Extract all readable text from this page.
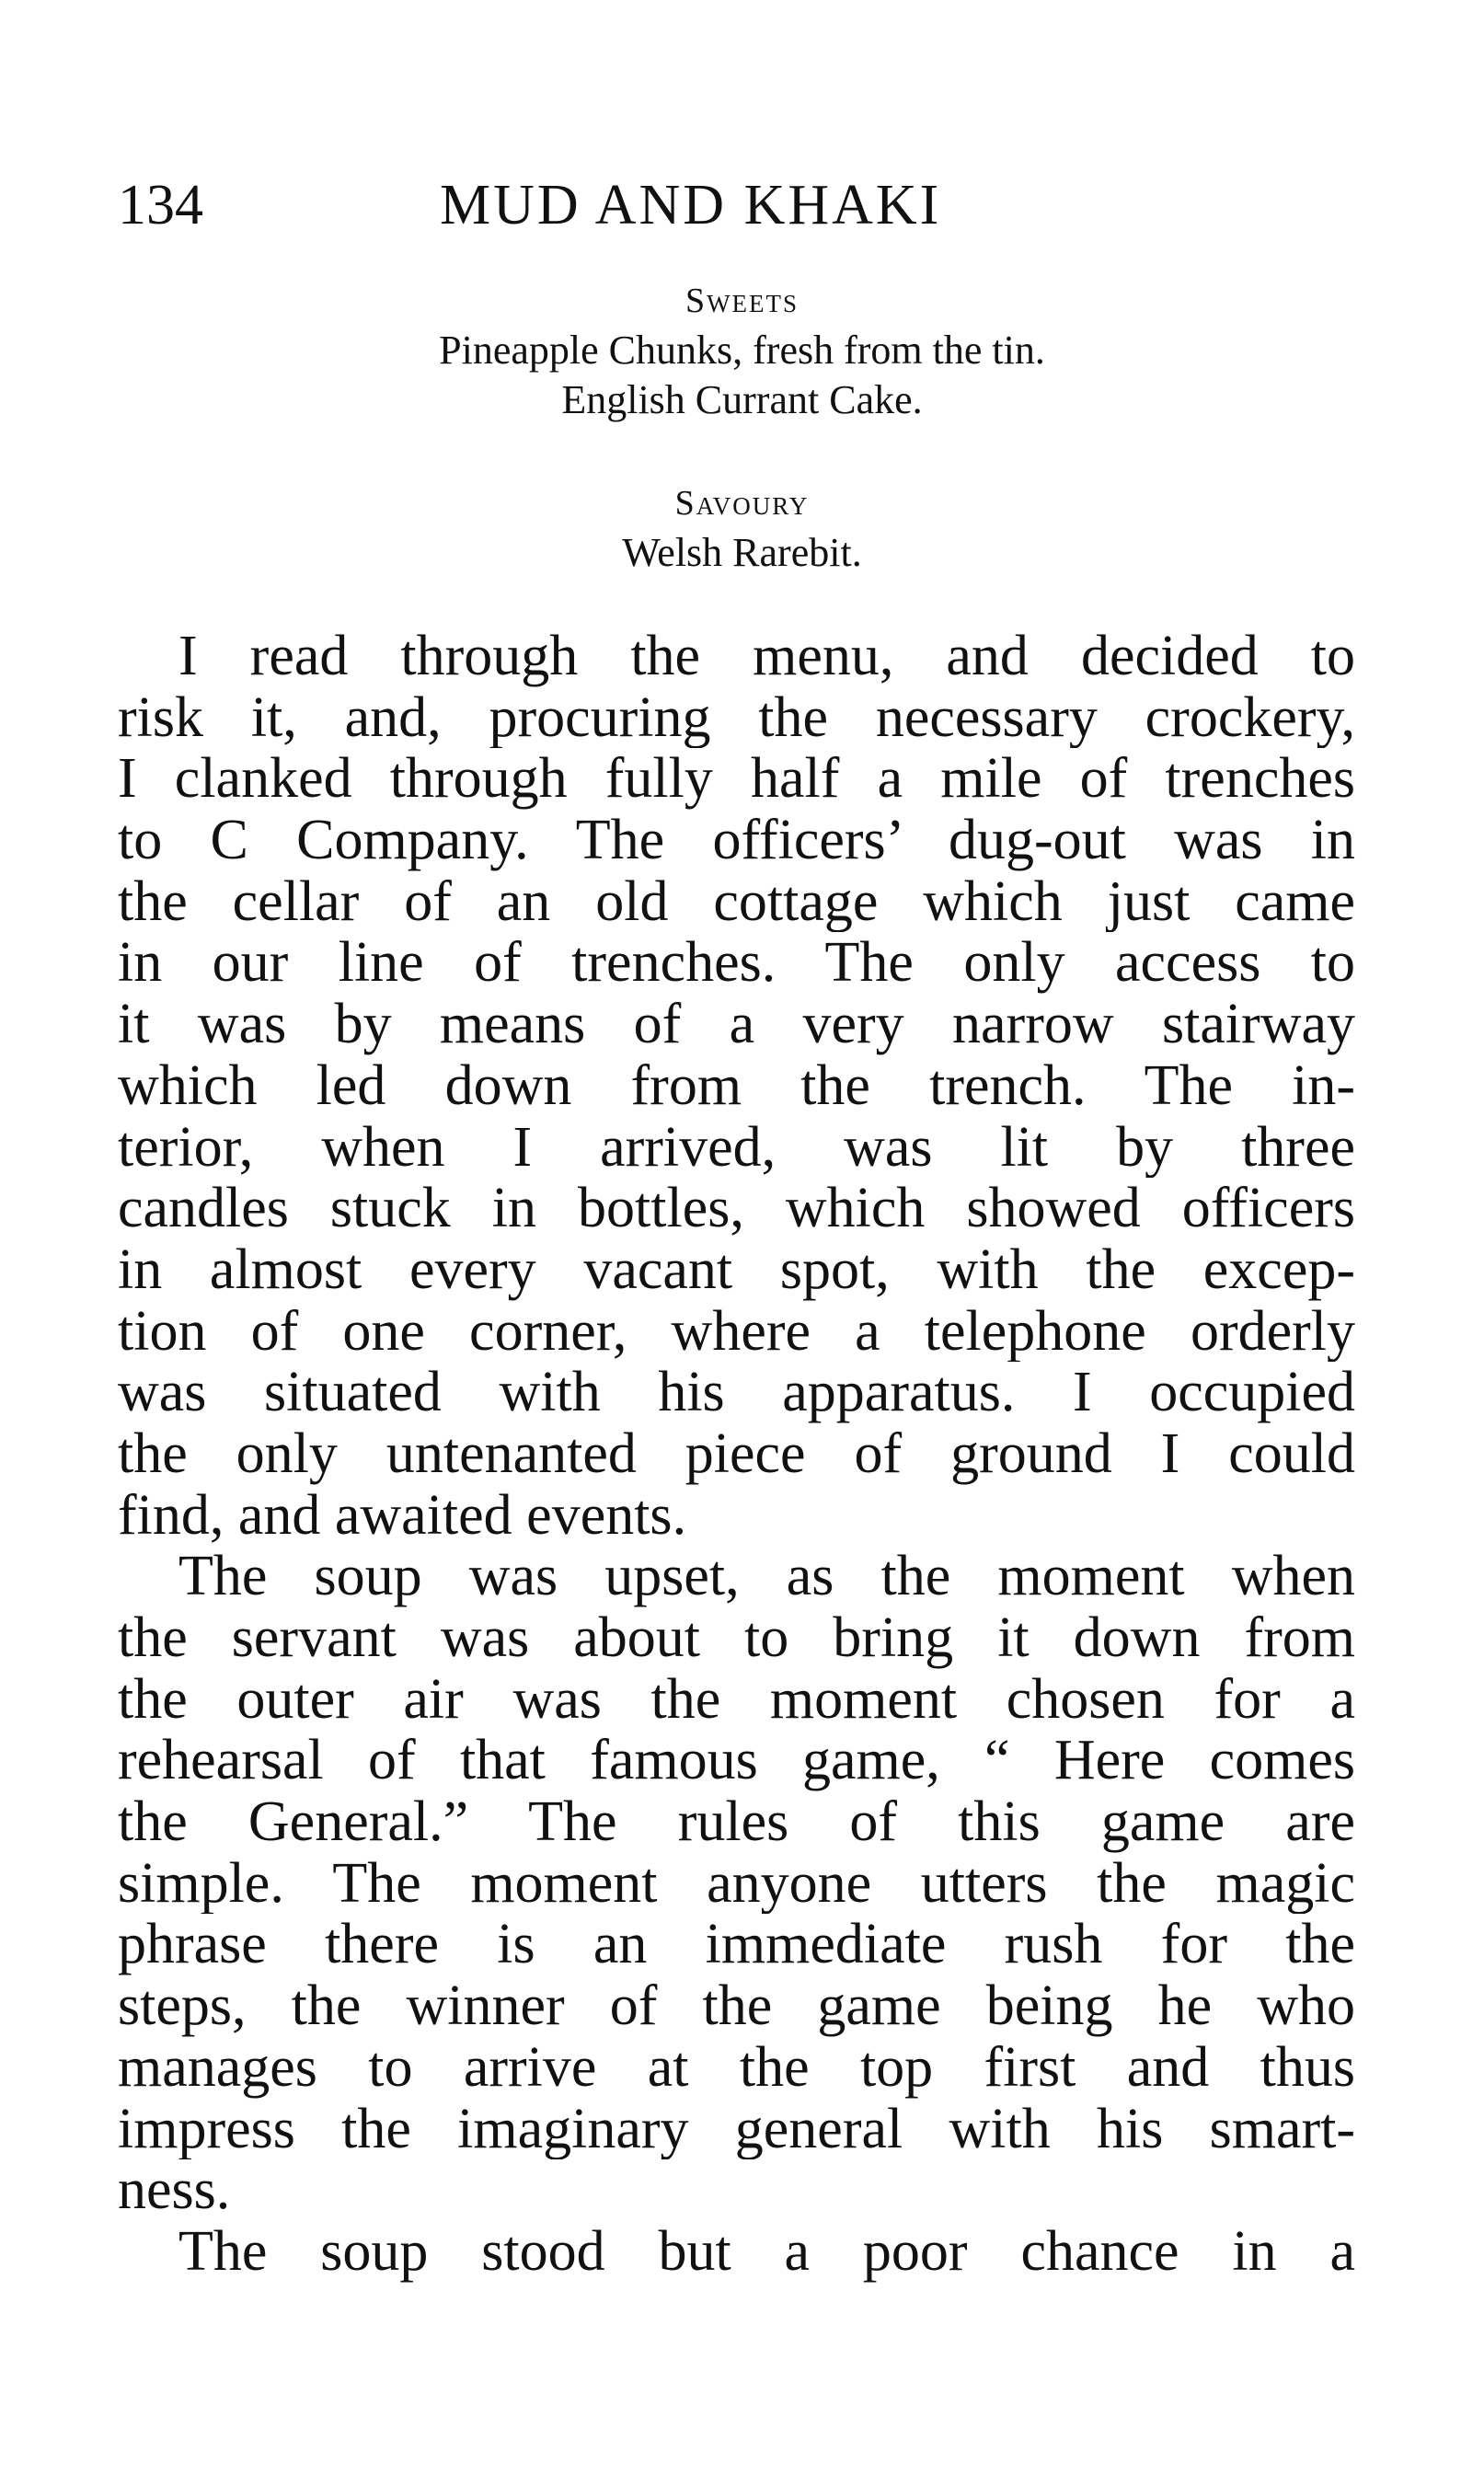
134	MUD AND KHAKI

Sweets

Pineapple Chunks, fresh from the tin.

English Currant Cake.

Savoury

Welsh Rarebit.

I read through the menu, and decided to
risk it, and, procuring the necessary crockery,
I clanked through fully half a mile of trenches
to C Company. The officers’ dug-out was in
the cellar of an old cottage which just came
in our line of trenches. The only access to
it was by means of a very narrow stairway
which led down from the trench. The in-
terior, when I arrived, was lit by three
candles stuck in bottles, which showed officers
in almost every vacant spot, with the excep-
tion of one corner, where a telephone orderly
was situated with his apparatus. I occupied
the only untenanted piece of ground I could
find, and awaited events.

The soup was upset, as the moment when
the servant was about to bring it down from
the outer air was the moment chosen for a
rehearsal of that famous game, “ Here comes
the General.” The rules of this game are
simple. The moment anyone utters the magic
phrase there is an immediate rush for the
steps, the winner of the game being he who
manages to arrive at the top first and thus
impress the imaginary general with his smart-
ness.

The soup stood but a poor chance in a
